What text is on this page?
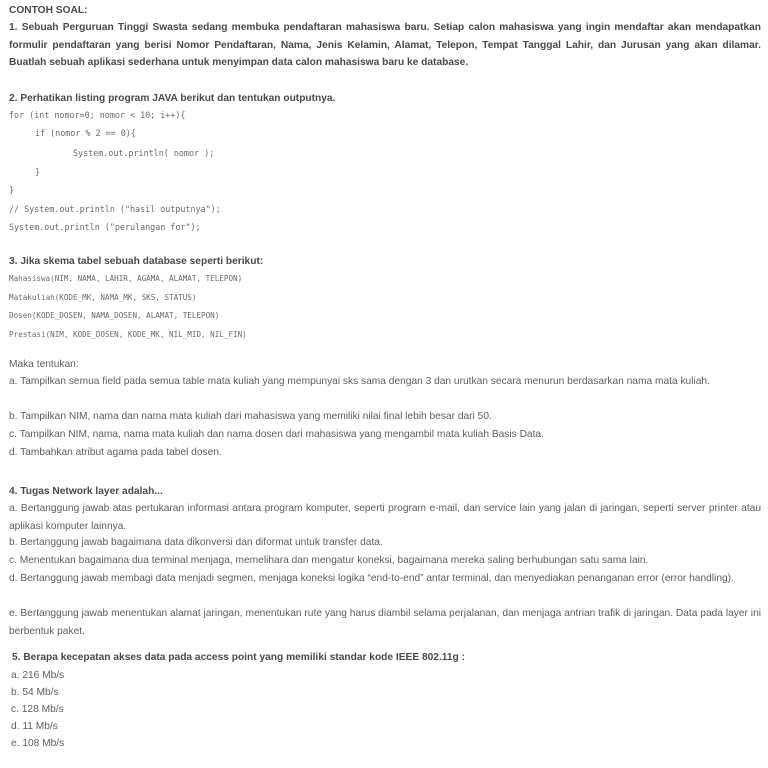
CONTOH SOAL:
1. Sebuah Perguruan Tinggi Swasta sedang membuka pendaftaran mahasiswa baru. Setiap calon mahasiswa yang ingin mendaftar akan mendapatkan formulir pendaftaran yang berisi Nomor Pendaftaran, Nama, Jenis Kelamin, Alamat, Telepon, Tempat Tanggal Lahir, dan Jurusan yang akan dilamar. Buatlah sebuah aplikasi sederhana untuk menyimpan data calon mahasiswa baru ke database.
2. Perhatikan listing program JAVA berikut dan tentukan outputnya.
for (int nomor=0; nomor < 10; i++){
if (nomor % 2 == 0){
System.out.println( nomor );
}
}
// System.out.println ("hasil outputnya");
System.out.println ("perulangan for");
3. Jika skema tabel sebuah database seperti berikut:
Mahasiswa(NIM, NAMA, LAHIR, AGAMA, ALAMAT, TELEPON)
Matakuliah(KODE_MK, NAMA_MK, SKS, STATUS)
Dosen(KODE_DOSEN, NAMA_DOSEN, ALAMAT, TELEPON)
Prestasi(NIM, KODE_DOSEN, KODE_MK, NIL_MID, NIL_FIN)
Maka tentukan:
a. Tampilkan semua field pada semua table mata kuliah yang mempunyai sks sama dengan 3 dan urutkan secara menurun berdasarkan nama mata kuliah.
b. Tampilkan NIM, nama dan nama mata kuliah dari mahasiswa yang memiliki nilai final lebih besar dari 50.
c. Tampilkan NIM, nama, nama mata kuliah dan nama dosen dari mahasiswa yang mengambil mata kuliah Basis Data.
d. Tambahkan atribut agama pada tabel dosen.
4. Tugas Network layer adalah...
a. Bertanggung jawab atas pertukaran informasi antara program komputer, seperti program e-mail, dan service lain yang jalan di jaringan, seperti server printer atau aplikasi komputer lainnya.
b. Bertanggung jawab bagaimana data dikonversi dan diformat untuk transfer data.
c. Menentukan bagaimana dua terminal menjaga, memelihara dan mengatur koneksi, bagaimana mereka saling berhubungan satu sama lain.
d. Bertanggung jawab membagi data menjadi segmen, menjaga koneksi logika “end-to-end” antar terminal, dan menyediakan penanganan error (error handling).
e. Bertanggung jawab menentukan alamat jaringan, menentukan rute yang harus diambil selama perjalanan, dan menjaga antrian trafik di jaringan. Data pada layer ini berbentuk paket.
5. Berapa kecepatan akses data pada access point yang memiliki standar kode IEEE 802.11g :
a. 216 Mb/s
b. 54 Mb/s
c. 128 Mb/s
d. 11 Mb/s
e. 108 Mb/s
